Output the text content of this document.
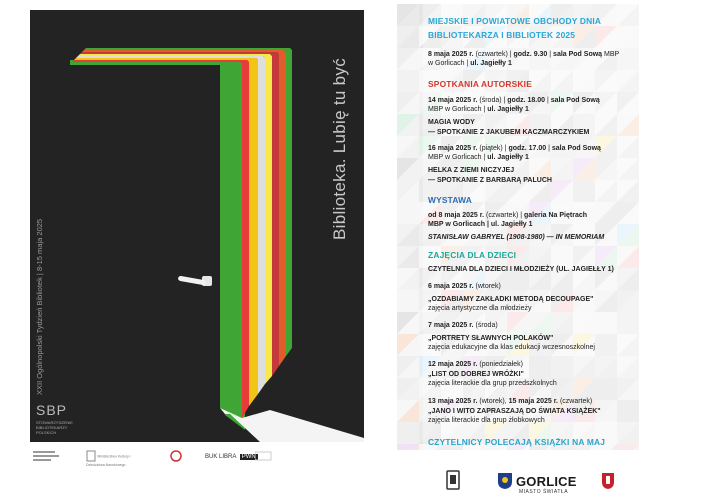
Biblioteka. Lubię tu być
XXII Ogólnopolski Tydzień Bibliotek | 8-15 maja 2025
SBP
STOWARZYSZENIE BIBLIOTEKARZY POLSKICH
Ministerstwo Kultury i Dziedzictwa Narodowego
BUK LIBRA PWN
MIEJSKIE I POWIATOWE OBCHODY DNIA
BIBLIOTEKARZA I BIBLIOTEK 2025
8 maja 2025 r. (czwartek) | godz. 9.30 | sala Pod Sową MBP
w Gorlicach | ul. Jagiełły 1
SPOTKANIA AUTORSKIE
14 maja 2025 r. (środa) | godz. 18.00 | sala Pod Sową
MBP w Gorlicach | ul. Jagiełły 1
MAGIA WODY
— SPOTKANIE Z JAKUBEM KACZMARCZYKIEM
16 maja 2025 r. (piątek) | godz. 17.00 | sala Pod Sową
MBP w Gorlicach | ul. Jagiełły 1
HELKA Z ZIEMI NICZYJEJ
— SPOTKANIE Z BARBARĄ PALUCH
WYSTAWA
od 8 maja 2025 r. (czwartek) | galeria Na Piętrach
MBP w Gorlicach | ul. Jagiełły 1
STANISŁAW GABRYEL (1908-1980) — IN MEMORIAM
ZAJĘCIA DLA DZIECI
CZYTELNIA DLA DZIECI I MŁODZIEŻY (UL. JAGIEŁŁY 1)
6 maja 2025 r. (wtorek)
„OZDABIAMY ZAKŁADKI METODĄ DECOUPAGE"
zajęcia artystyczne dla młodzieży
7 maja 2025 r. (środa)
„PORTRETY SŁAWNYCH POLAKÓW"
zajęcia edukacyjne dla klas edukacji wczesnoszkolnej
12 maja 2025 r. (poniedziałek)
„LIST OD DOBREJ WRÓŻKI"
zajęcia literackie dla grup przedszkolnych
13 maja 2025 r. (wtorek), 15 maja 2025 r. (czwartek)
„JANO I WITO ZAPRASZAJĄ DO ŚWIATA KSIĄŻEK"
zajęcia literackie dla grup żłobkowych
CZYTELNICY POLECAJĄ KSIĄŻKI NA MAJ
GORLICE
MIASTO ŚWIATŁA
